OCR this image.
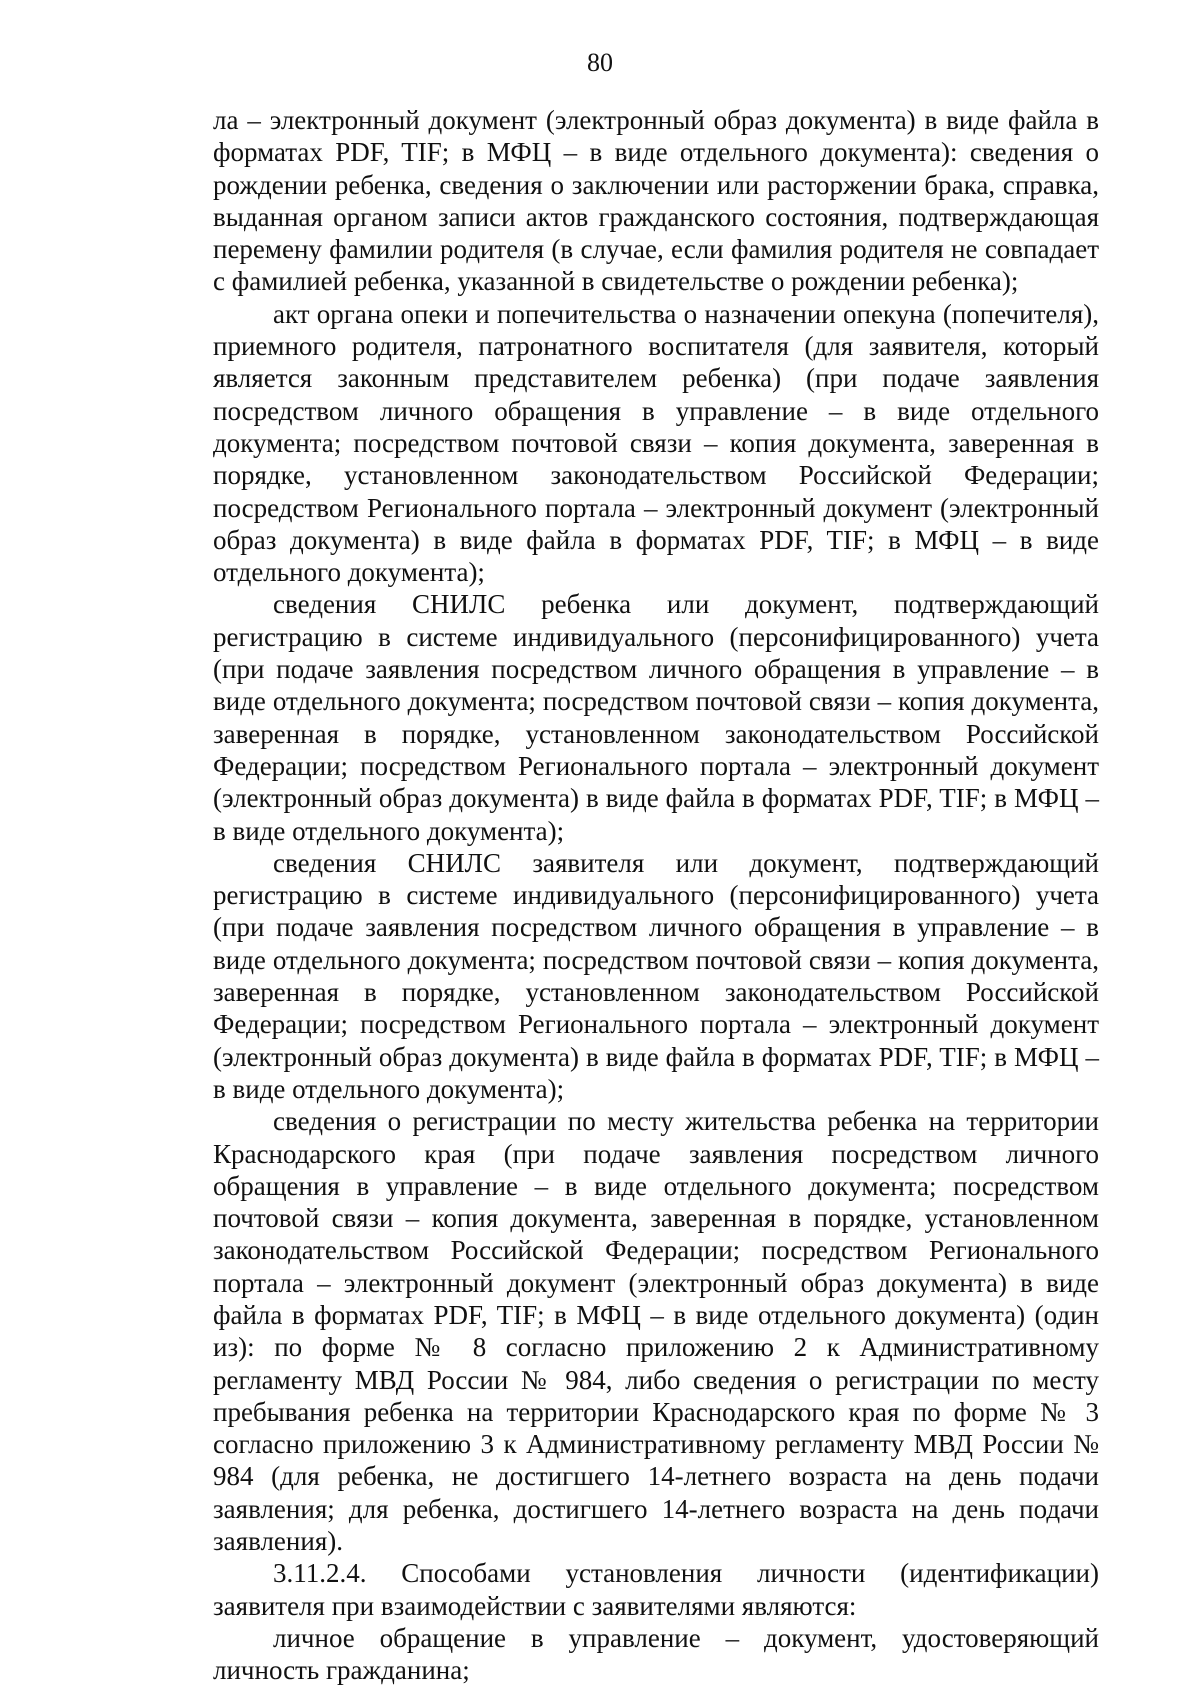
80

ла – электронный документ (электронный образ документа) в виде файла в форматах PDF, TIF; в МФЦ – в виде отдельного документа): сведения о рождении ребенка, сведения о заключении или расторжении брака, справка, выданная органом записи актов гражданского состояния, подтверждающая перемену фамилии родителя (в случае, если фамилия родителя не совпадает с фамилией ребенка, указанной в свидетельстве о рождении ребенка);

акт органа опеки и попечительства о назначении опекуна (попечителя), приемного родителя, патронатного воспитателя (для заявителя, который является законным представителем ребенка) (при подаче заявления посредством личного обращения в управление – в виде отдельного документа; посредством почтовой связи – копия документа, заверенная в порядке, установленном законодательством Российской Федерации; посредством Регионального портала – электронный документ (электронный образ документа) в виде файла в форматах PDF, TIF; в МФЦ – в виде отдельного документа);

сведения СНИЛС ребенка или документ, подтверждающий регистрацию в системе индивидуального (персонифицированного) учета (при подаче заявления посредством личного обращения в управление – в виде отдельного документа; посредством почтовой связи – копия документа, заверенная в порядке, установленном законодательством Российской Федерации; посредством Регионального портала – электронный документ (электронный образ документа) в виде файла в форматах PDF, TIF; в МФЦ – в виде отдельного документа);

сведения СНИЛС заявителя или документ, подтверждающий регистрацию в системе индивидуального (персонифицированного) учета (при подаче заявления посредством личного обращения в управление – в виде отдельного документа; посредством почтовой связи – копия документа, заверенная в порядке, установленном законодательством Российской Федерации; посредством Регионального портала – электронный документ (электронный образ документа) в виде файла в форматах PDF, TIF; в МФЦ – в виде отдельного документа);

сведения о регистрации по месту жительства ребенка на территории Краснодарского края (при подаче заявления посредством личного обращения в управление – в виде отдельного документа; посредством почтовой связи – копия документа, заверенная в порядке, установленном законодательством Российской Федерации; посредством Регионального портала – электронный документ (электронный образ документа) в виде файла в форматах PDF, TIF; в МФЦ – в виде отдельного документа) (один из): по форме № 8 согласно приложению 2 к Административному регламенту МВД России № 984, либо сведения о регистрации по месту пребывания ребенка на территории Краснодарского края по форме № 3 согласно приложению 3 к Административному регламенту МВД России № 984 (для ребенка, не достигшего 14-летнего возраста на день подачи заявления; для ребенка, достигшего 14-летнего возраста на день подачи заявления).

3.11.2.4. Способами установления личности (идентификации) заявителя при взаимодействии с заявителями являются:

личное обращение в управление – документ, удостоверяющий личность гражданина;
